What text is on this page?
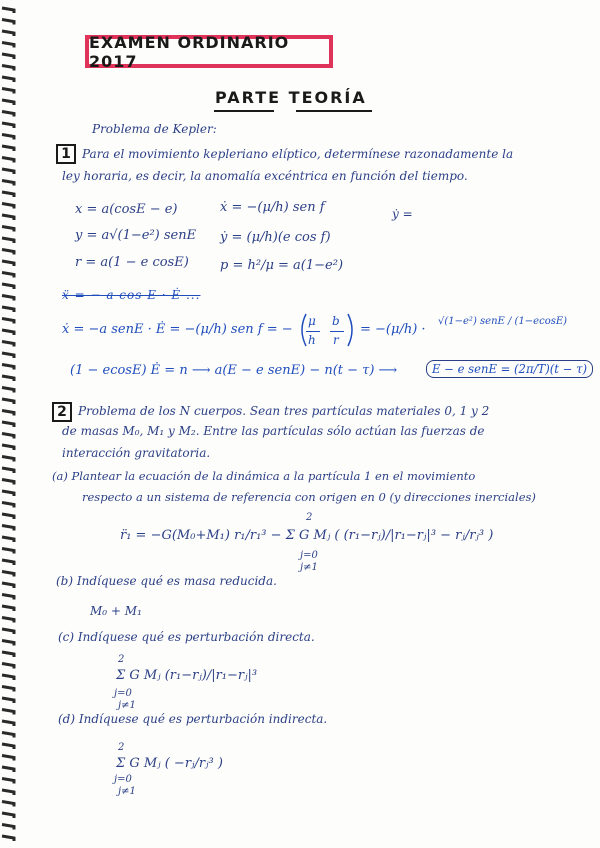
EXAMEN ORDINARIO 2017
PARTE TEORÍA
Problema de Kepler:
1 Para el movimiento kepleriano elíptico, determínese razonadamente la
ley horaria, es decir, la anomalía excéntrica en función del tiempo.
x = a(cosE − e)
y = a√(1−e²) senE
r = a(1 − e cosE)
ẋ = −(μ/h) sen f
ẏ = (μ/h)(e cos f)
p = h²/μ = a(1−e²)
ẏ =
ẍ = − a cos E · Ė ...
ẋ = −a senE · Ė = −(μ/h) sen f = −
μ
h
b
r
= −(μ/h) ·
√(1−e²) senE / (1−ecosE)
(1 − ecosE) Ė = n ⟶ a(E − e senE) − n(t − τ) ⟶	E − e senE = (2π/T)(t − τ)
2 Problema de los N cuerpos. Sean tres partículas materiales 0, 1 y 2
de masas M₀, M₁ y M₂. Entre las partículas sólo actúan las fuerzas de
interacción gravitatoria.
(a) Plantear la ecuación de la dinámica a la partícula 1 en el movimiento
respecto a un sistema de referencia con origen en 0 (y direcciones inerciales)
r̈₁ = −G(M₀+M₁) r₁/r₁³ − Σ G Mⱼ ( (r₁−rⱼ)/|r₁−rⱼ|³ − rⱼ/rⱼ³ )
2
j=0
j≠1
(b) Indíquese qué es masa reducida.
M₀ + M₁
(c) Indíquese qué es perturbación directa.
2
Σ G Mⱼ (r₁−rⱼ)/|r₁−rⱼ|³
j=0
j≠1
(d) Indíquese qué es perturbación indirecta.
2
Σ G Mⱼ ( −rⱼ/rⱼ³ )
j=0
j≠1
